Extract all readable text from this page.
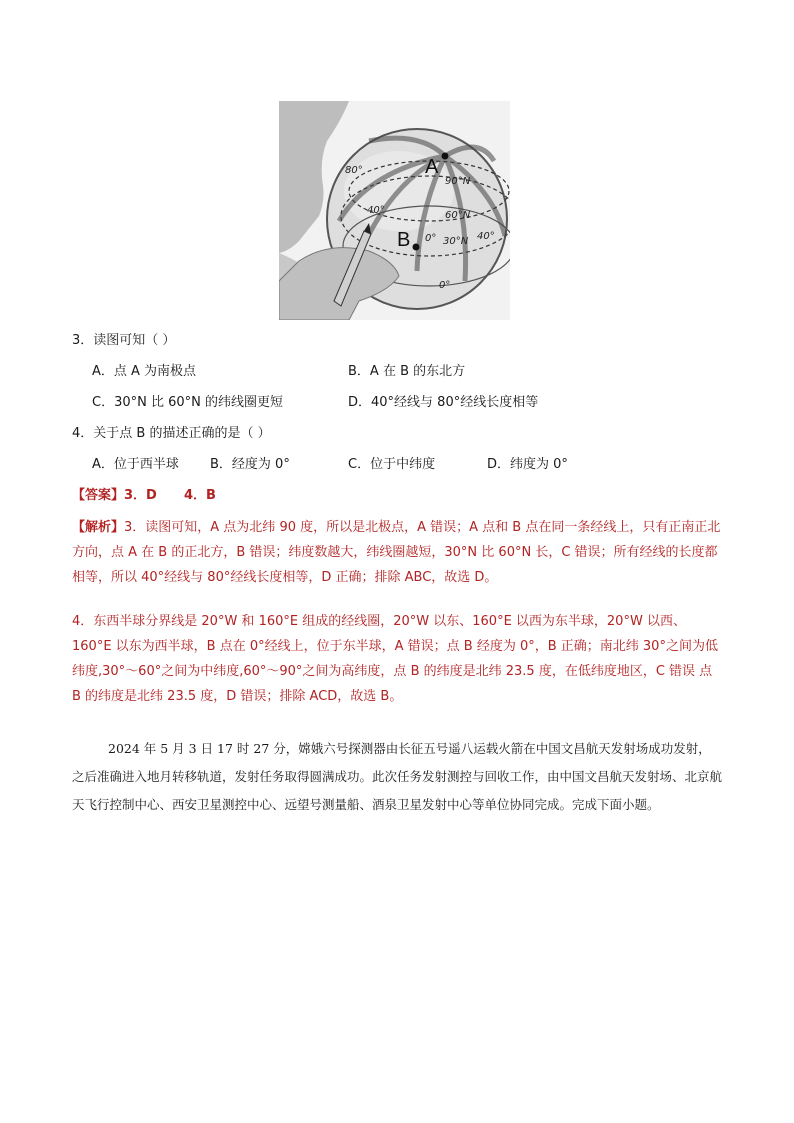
A
B
90°N
60°N
30°N
0°
40°
40°
80°
0°
3．读图可知（ ）
A．点 A 为南极点	B．A 在 B 的东北方
C．30°N 比 60°N 的纬线圈更短	D．40°经线与 80°经线长度相等
4．关于点 B 的描述正确的是（ ）
A．位于西半球 B．经度为 0°	C．位于中纬度	D．纬度为 0°
【答案】3．D      4．B
【解析】3．读图可知，A 点为北纬 90 度，所以是北极点，A 错误；A 点和 B 点在同一条经线上，只有正南正北方向，点 A 在 B 的正北方，B 错误；纬度数越大，纬线圈越短，30°N 比 60°N 长，C 错误；所有经线的长度都相等，所以 40°经线与 80°经线长度相等，D 正确；排除 ABC，故选 D。
4．东西半球分界线是 20°W 和 160°E 组成的经线圈，20°W 以东、160°E 以西为东半球，20°W 以西、160°E 以东为西半球，B 点在 0°经线上，位于东半球，A 错误；点 B 经度为 0°，B 正确；南北纬 30°之间为低纬度,30°～60°之间为中纬度,60°～90°之间为高纬度，点 B 的纬度是北纬 23.5 度，在低纬度地区，C 错误 点 B 的纬度是北纬 23.5 度，D 错误；排除 ACD，故选 B。
2024 年 5 月 3 日 17 时 27 分，嫦娥六号探测器由长征五号遥八运载火箭在中国文昌航天发射场成功发射，之后准确进入地月转移轨道，发射任务取得圆满成功。此次任务发射测控与回收工作，由中国文昌航天发射场、北京航天飞行控制中心、西安卫星测控中心、远望号测量船、酒泉卫星发射中心等单位协同完成。完成下面小题。
